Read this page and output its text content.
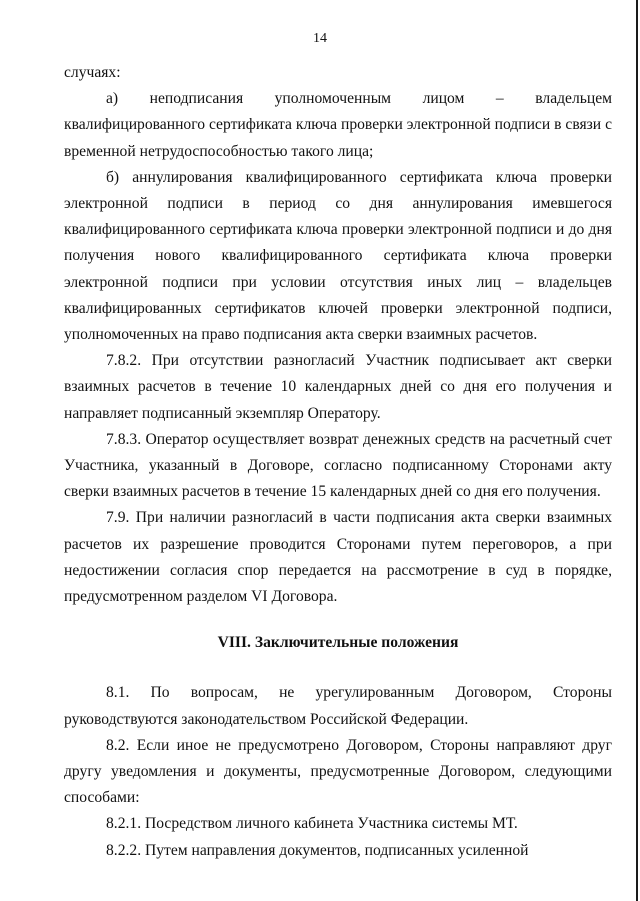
14

случаях:

а) неподписания уполномоченным лицом – владельцем квалифицированного сертификата ключа проверки электронной подписи в связи с временной нетрудоспособностью такого лица;

б) аннулирования квалифицированного сертификата ключа проверки электронной подписи в период со дня аннулирования имевшегося квалифицированного сертификата ключа проверки электронной подписи и до дня получения нового квалифицированного сертификата ключа проверки электронной подписи при условии отсутствия иных лиц – владельцев квалифицированных сертификатов ключей проверки электронной подписи, уполномоченных на право подписания акта сверки взаимных расчетов.

7.8.2. При отсутствии разногласий Участник подписывает акт сверки взаимных расчетов в течение 10 календарных дней со дня его получения и направляет подписанный экземпляр Оператору.

7.8.3. Оператор осуществляет возврат денежных средств на расчетный счет Участника, указанный в Договоре, согласно подписанному Сторонами акту сверки взаимных расчетов в течение 15 календарных дней со дня его получения.

7.9. При наличии разногласий в части подписания акта сверки взаимных расчетов их разрешение проводится Сторонами путем переговоров, а при недостижении согласия спор передается на рассмотрение в суд в порядке, предусмотренном разделом VI Договора.

VIII. Заключительные положения

8.1. По вопросам, не урегулированным Договором, Стороны руководствуются законодательством Российской Федерации.

8.2. Если иное не предусмотрено Договором, Стороны направляют друг другу уведомления и документы, предусмотренные Договором, следующими способами:

8.2.1. Посредством личного кабинета Участника системы МТ.

8.2.2. Путем направления документов, подписанных усиленной
